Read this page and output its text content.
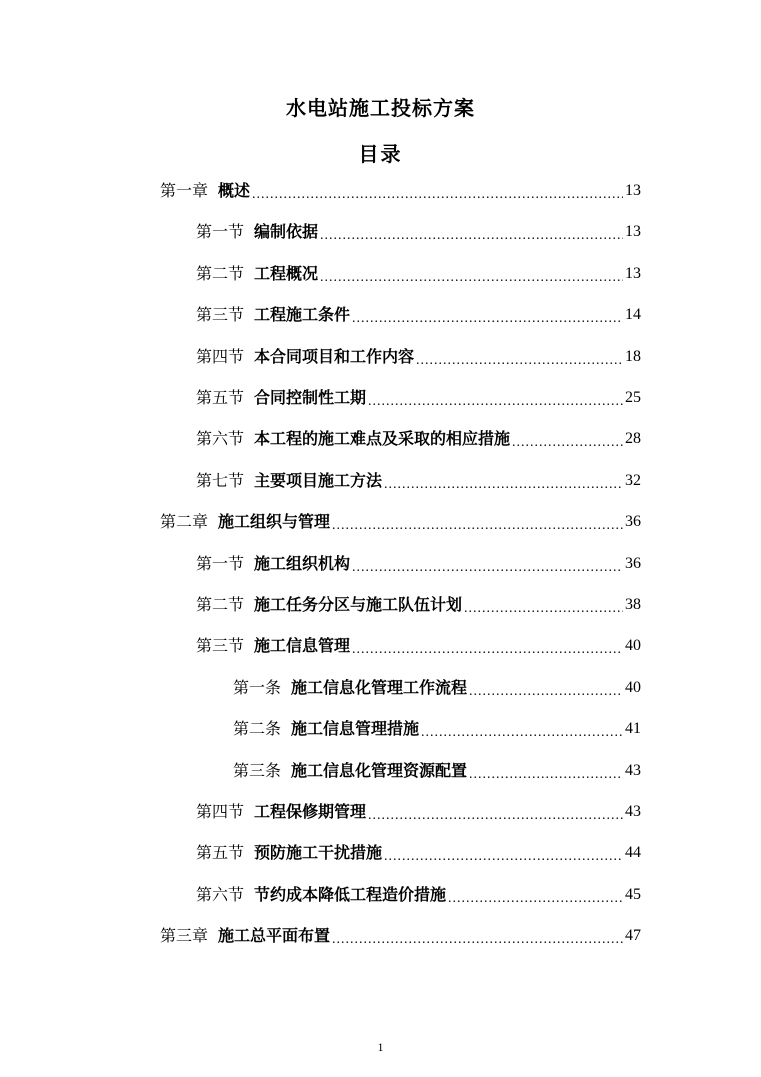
水电站施工投标方案
目录
第一章 概述 .....	13
第一节 编制依据 .....	13
第二节 工程概况 .....	13
第三节 工程施工条件 .....	14
第四节 本合同项目和工作内容 .....	18
第五节 合同控制性工期 .....	25
第六节 本工程的施工难点及采取的相应措施 .....	28
第七节 主要项目施工方法 .....	32
第二章 施工组织与管理 .....	36
第一节 施工组织机构 .....	36
第二节 施工任务分区与施工队伍计划 .....	38
第三节 施工信息管理 .....	40
第一条 施工信息化管理工作流程 .....	40
第二条 施工信息管理措施 .....	41
第三条 施工信息化管理资源配置 .....	43
第四节 工程保修期管理 .....	43
第五节 预防施工干扰措施 .....	44
第六节 节约成本降低工程造价措施 .....	45
第三章 施工总平面布置 .....	47
1
